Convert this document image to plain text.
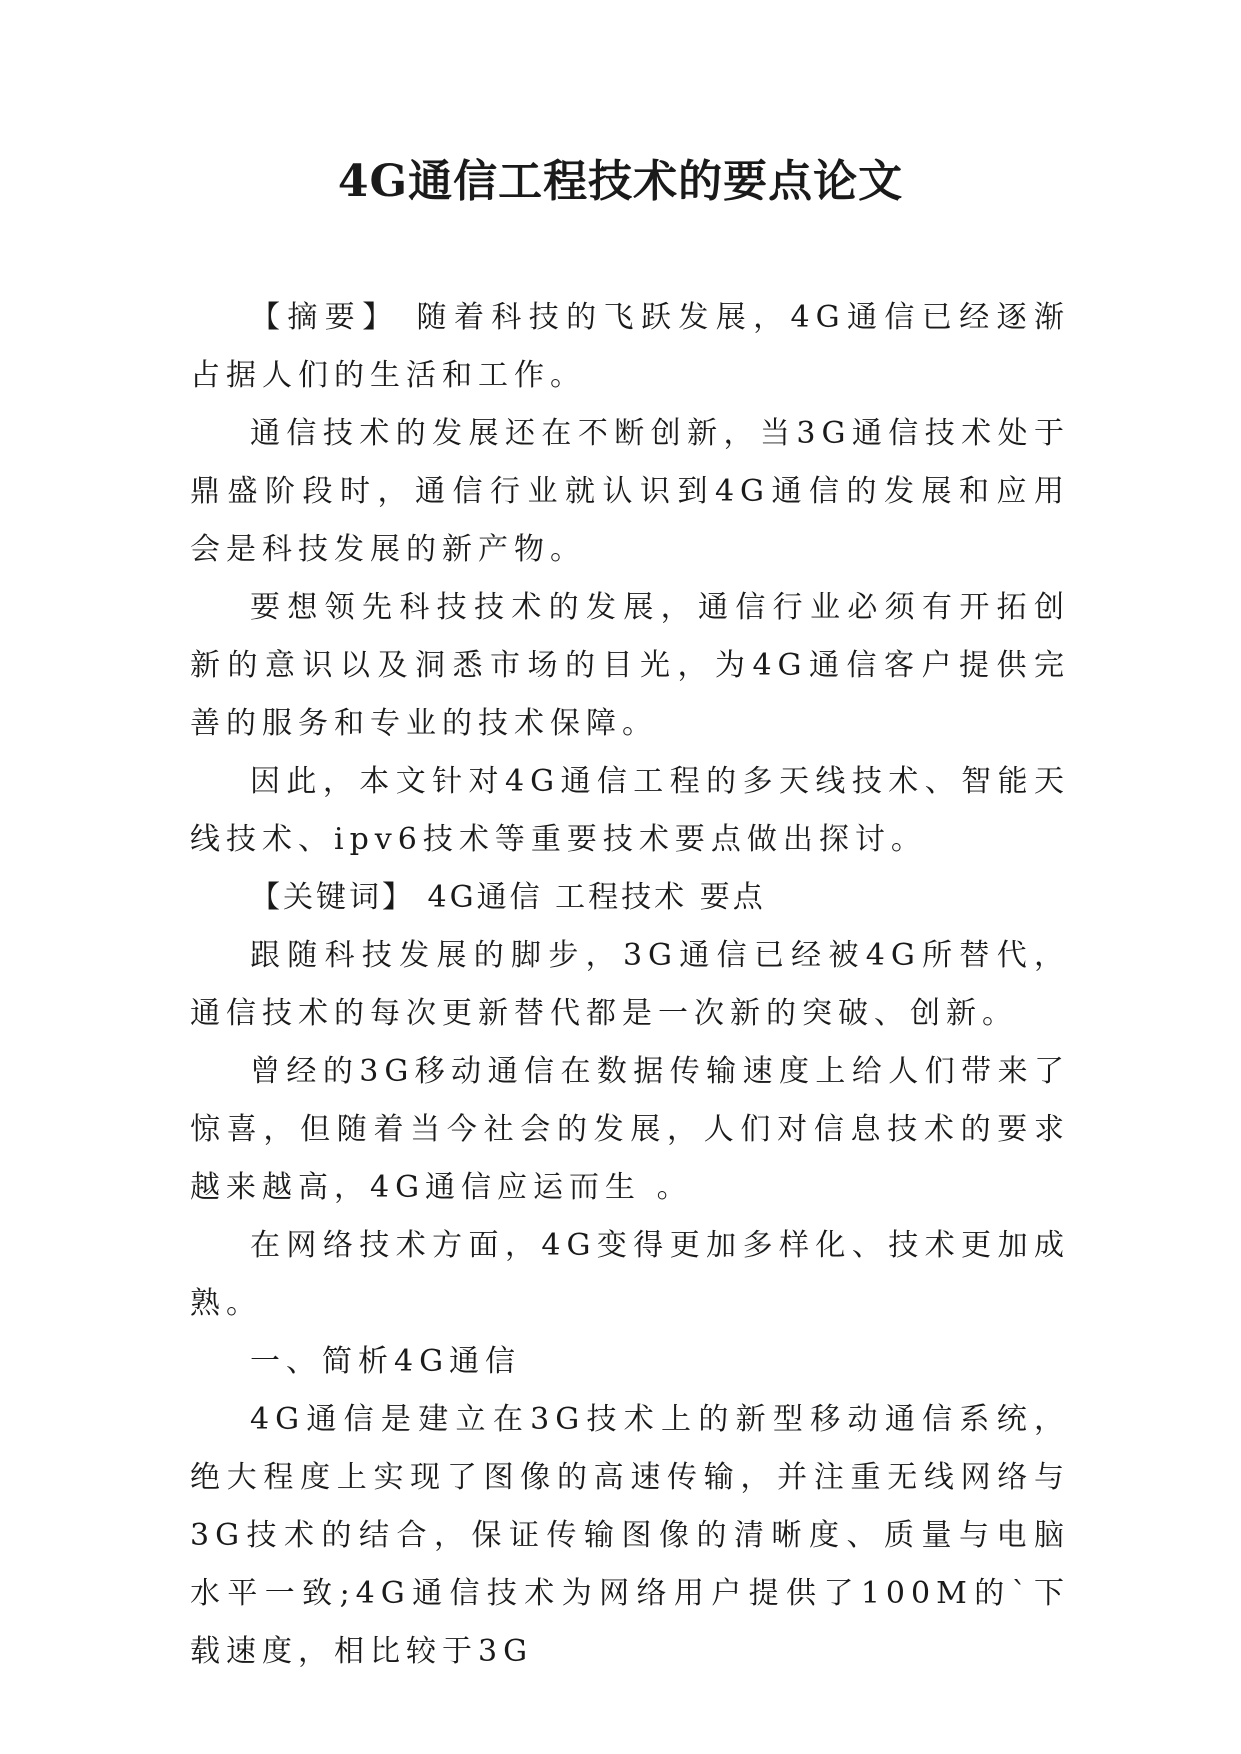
4G通信工程技术的要点论文

【摘要】 随着科技的飞跃发展，4G通信已经逐渐占据人们的生活和工作。

通信技术的发展还在不断创新，当3G通信技术处于鼎盛阶段时，通信行业就认识到4G通信的发展和应用会是科技发展的新产物。

要想领先科技技术的发展，通信行业必须有开拓创新的意识以及洞悉市场的目光，为4G通信客户提供完善的服务和专业的技术保障。

因此，本文针对4G通信工程的多天线技术、智能天线技术、ipv6技术等重要技术要点做出探讨。

【关键词】 4G通信 工程技术 要点

跟随科技发展的脚步，3G通信已经被4G所替代，通信技术的每次更新替代都是一次新的突破、创新。

曾经的3G移动通信在数据传输速度上给人们带来了惊喜，但随着当今社会的发展，人们对信息技术的要求越来越高，4G通信应运而生 。

在网络技术方面，4G变得更加多样化、技术更加成熟。

一、简析4G通信

4G通信是建立在3G技术上的新型移动通信系统，绝大程度上实现了图像的高速传输，并注重无线网络与3G技术的结合，保证传输图像的清晰度、质量与电脑水平一致;4G通信技术为网络用户提供了100M的`下载速度，相比较于3G
